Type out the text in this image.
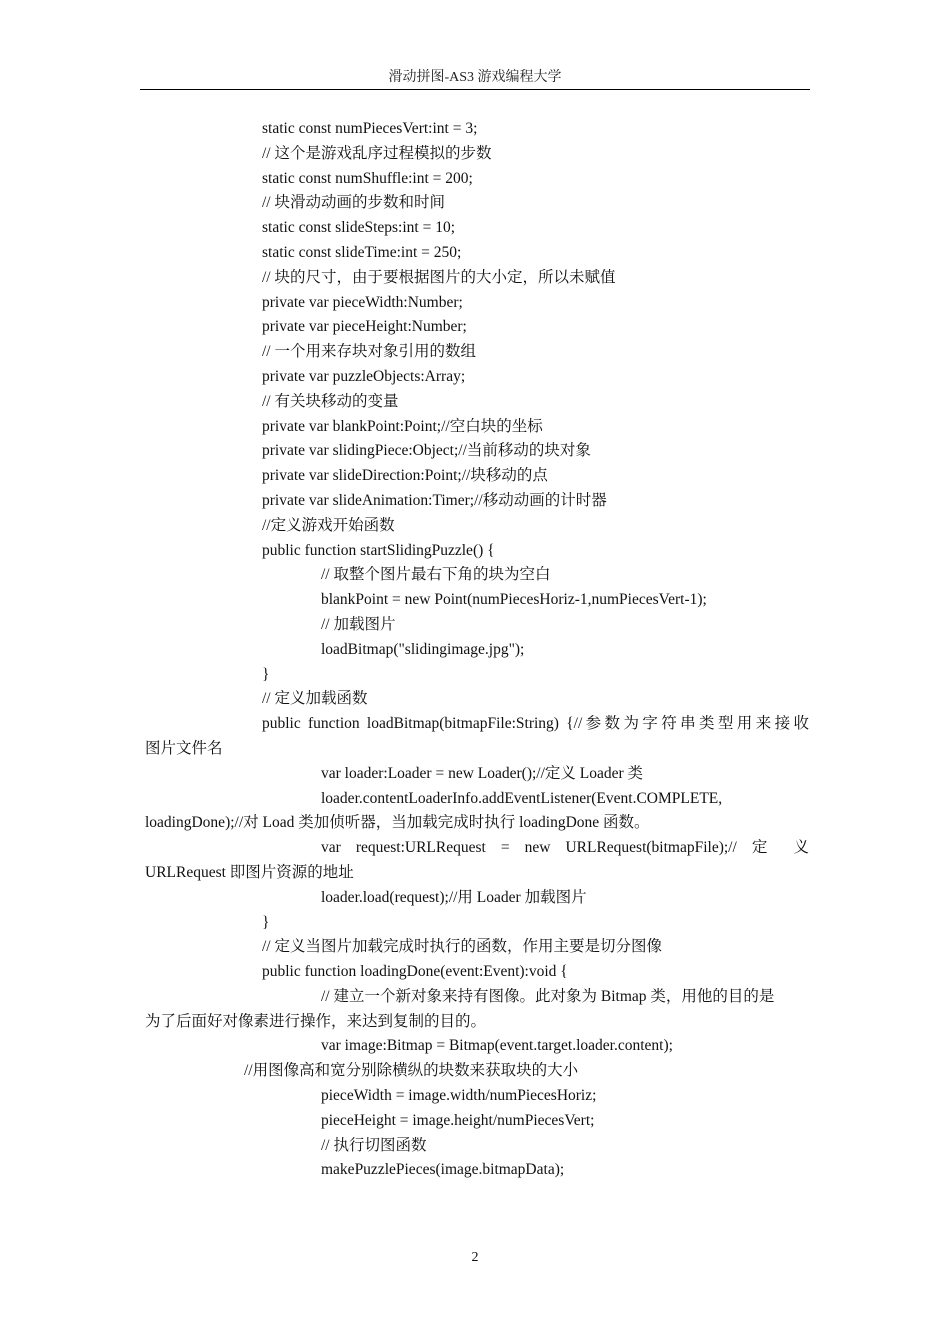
滑动拼图-AS3 游戏编程大学
static const numPiecesVert:int = 3;
// 这个是游戏乱序过程模拟的步数
static const numShuffle:int = 200;
// 块滑动动画的步数和时间
static const slideSteps:int = 10;
static const slideTime:int = 250;
// 块的尺寸，由于要根据图片的大小定，所以未赋值
private var pieceWidth:Number;
private var pieceHeight:Number;
// 一个用来存块对象引用的数组
private var puzzleObjects:Array;
// 有关块移动的变量
private var blankPoint:Point;//空白块的坐标
private var slidingPiece:Object;//当前移动的块对象
private var slideDirection:Point;//块移动的点
private var slideAnimation:Timer;//移动动画的计时器
//定义游戏开始函数
public function startSlidingPuzzle() {
// 取整个图片最右下角的块为空白
blankPoint = new Point(numPiecesHoriz-1,numPiecesVert-1);
// 加载图片
loadBitmap("slidingimage.jpg");
}
// 定义加载函数
public function loadBitmap(bitmapFile:String) {//参数为字符串类型用来接收
图片文件名
var loader:Loader = new Loader();//定义 Loader 类
loader.contentLoaderInfo.addEventListener(Event.COMPLETE,
loadingDone);//对 Load 类加侦听器，当加载完成时执行 loadingDone 函数。
var request:URLRequest = new URLRequest(bitmapFile);// 定 义
URLRequest 即图片资源的地址
loader.load(request);//用 Loader 加载图片
}
// 定义当图片加载完成时执行的函数，作用主要是切分图像
public function loadingDone(event:Event):void {
// 建立一个新对象来持有图像。此对象为 Bitmap 类，用他的目的是
为了后面好对像素进行操作，来达到复制的目的。
var image:Bitmap = Bitmap(event.target.loader.content);
//用图像高和宽分别除横纵的块数来获取块的大小
pieceWidth = image.width/numPiecesHoriz;
pieceHeight = image.height/numPiecesVert;
// 执行切图函数
makePuzzlePieces(image.bitmapData);
2
